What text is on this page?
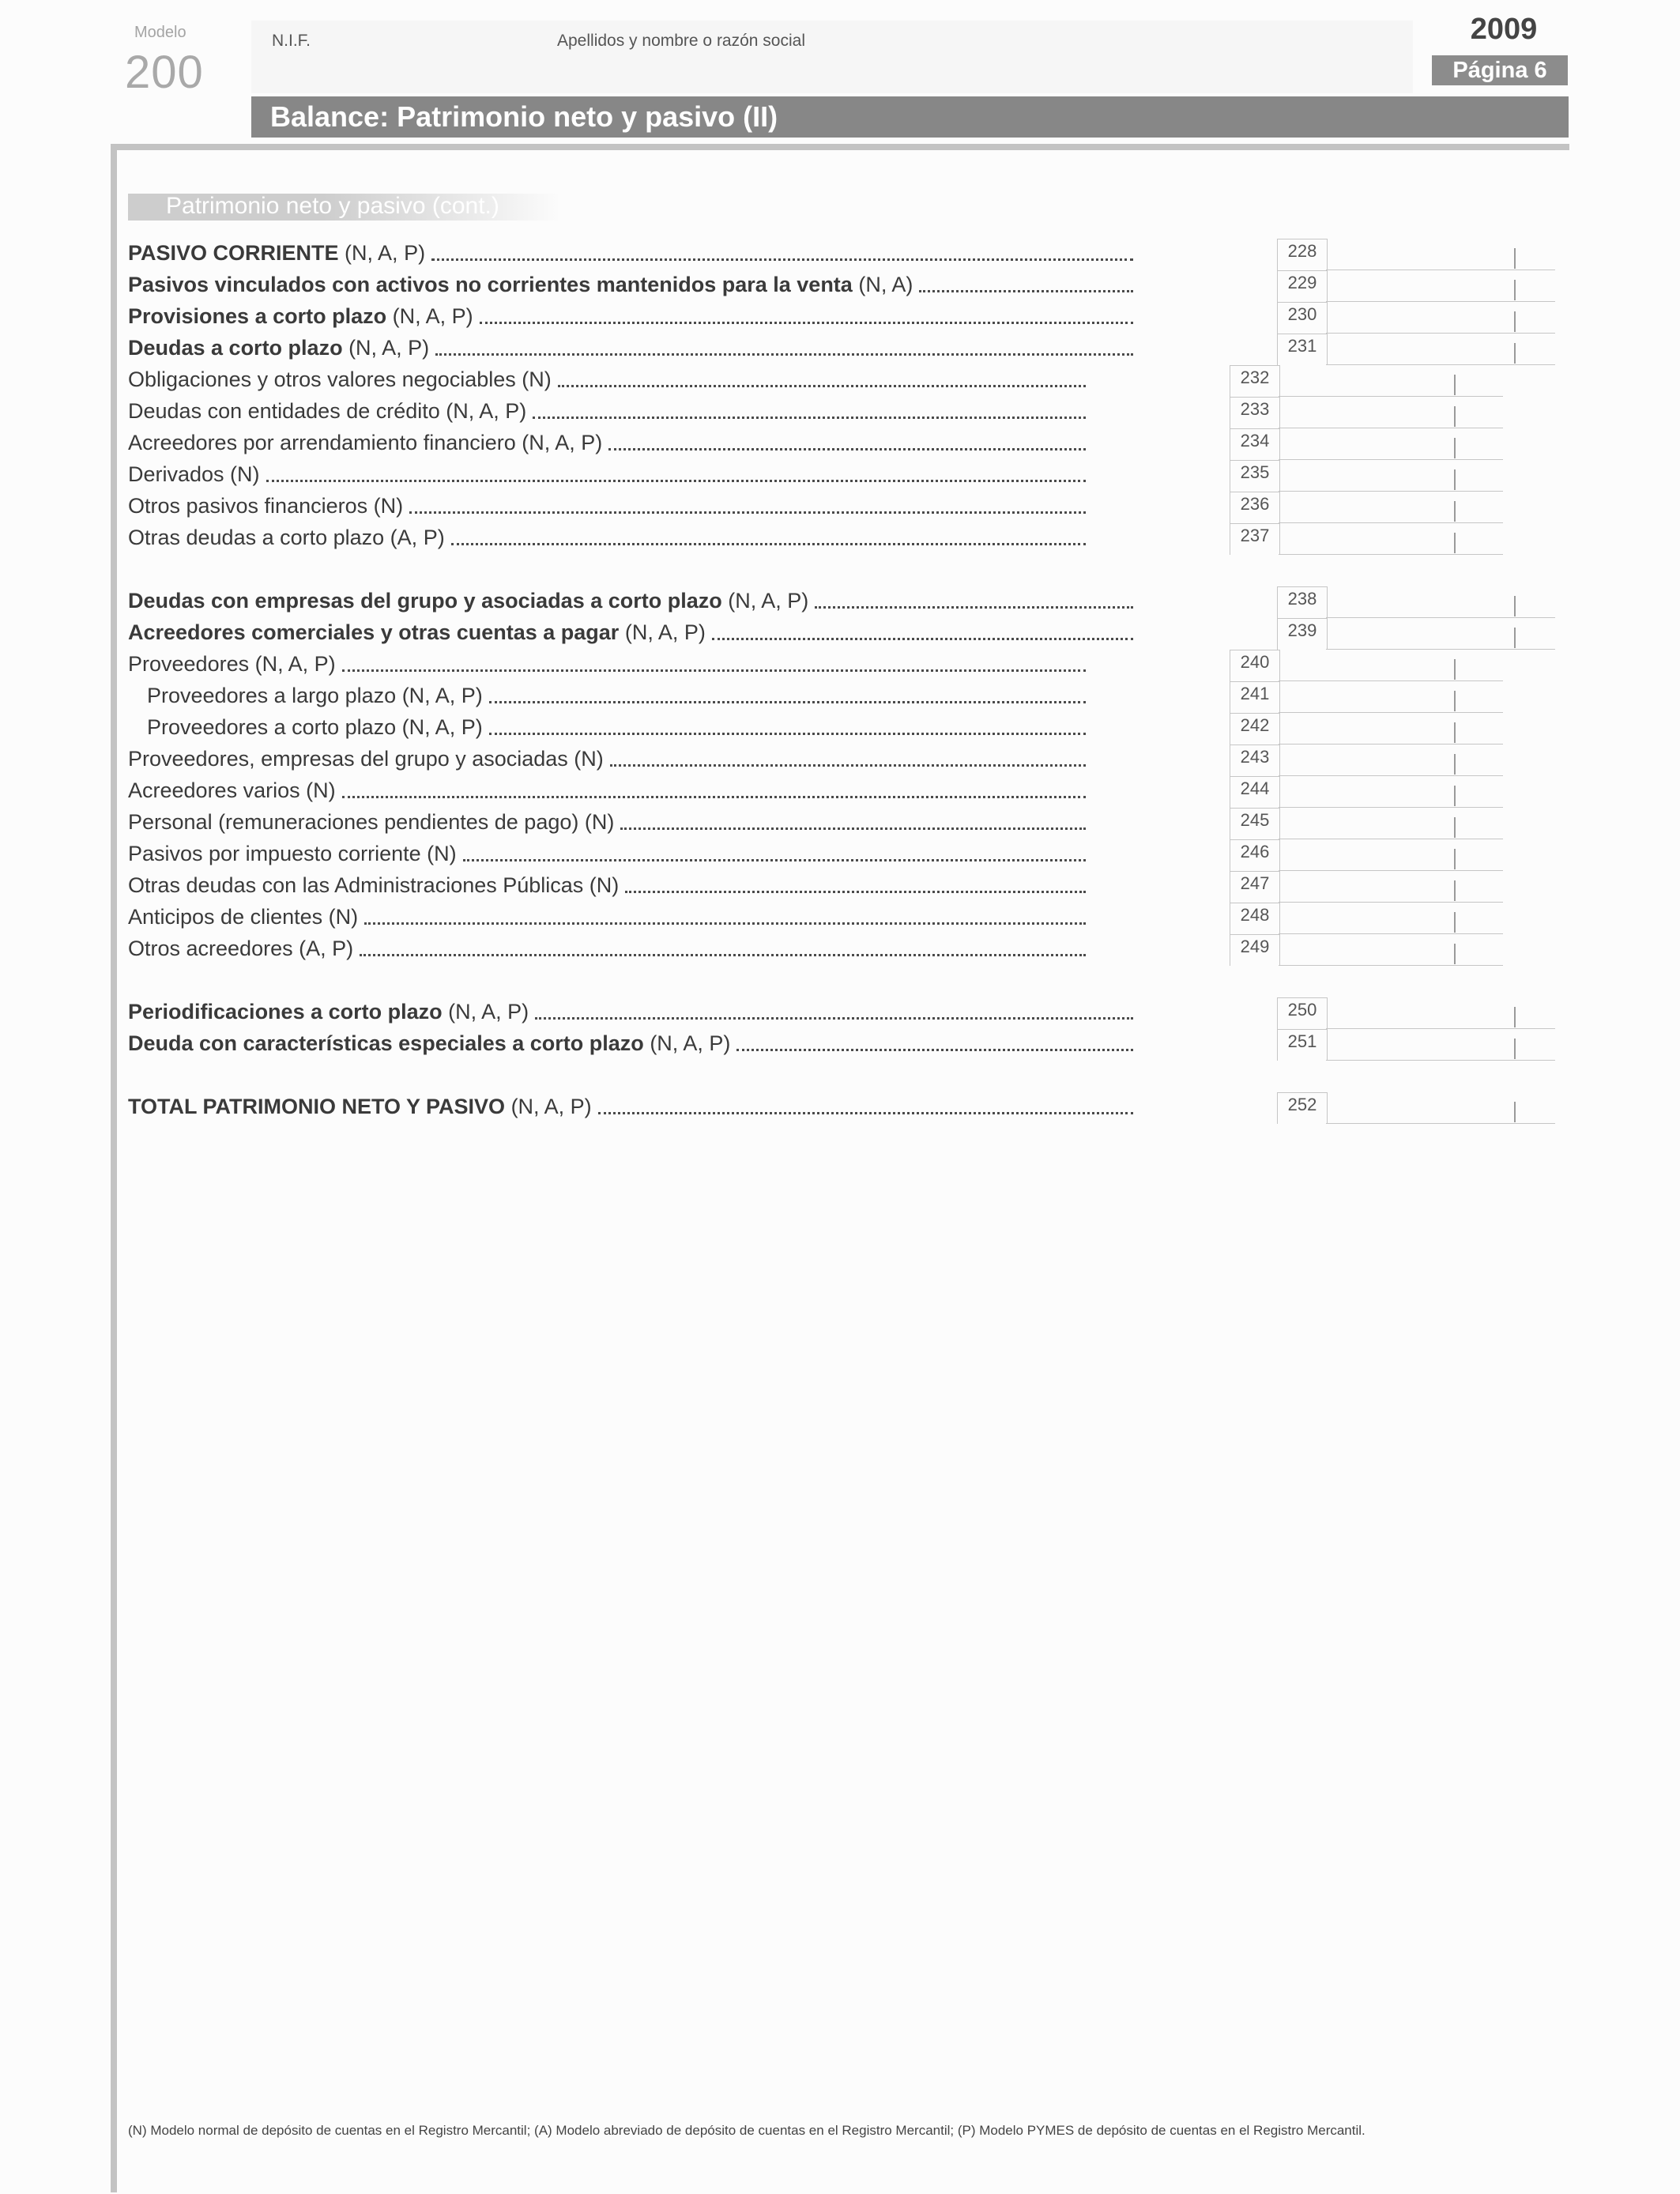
Modelo
200
N.I.F.	Apellidos y nombre o razón social	2009
Página 6
Balance: Patrimonio neto y pasivo (II)
Patrimonio neto y pasivo (cont.)
PASIVO CORRIENTE (N, A, P)	228
Pasivos vinculados con activos no corrientes mantenidos para la venta (N, A)	229
Provisiones a corto plazo (N, A, P)	230
Deudas a corto plazo (N, A, P)	231
Obligaciones y otros valores negociables (N)	232
Deudas con entidades de crédito (N, A, P)	233
Acreedores por arrendamiento financiero (N, A, P)	234
Derivados (N)	235
Otros pasivos financieros (N)	236
Otras deudas a corto plazo (A, P)	237
Deudas con empresas del grupo y asociadas a corto plazo (N, A, P)	238
Acreedores comerciales y otras cuentas a pagar (N, A, P)	239
Proveedores (N, A, P)	240
Proveedores a largo plazo (N, A, P)	241
Proveedores a corto plazo (N, A, P)	242
Proveedores, empresas del grupo y asociadas (N)	243
Acreedores varios (N)	244
Personal (remuneraciones pendientes de pago) (N)	245
Pasivos por impuesto corriente (N)	246
Otras deudas con las Administraciones Públicas (N)	247
Anticipos de clientes (N)	248
Otros acreedores (A, P)	249
Periodificaciones a corto plazo (N, A, P)	250
Deuda con características especiales a corto plazo (N, A, P)	251
TOTAL PATRIMONIO NETO Y PASIVO (N, A, P)	252
(N) Modelo normal de depósito de cuentas en el Registro Mercantil; (A) Modelo abreviado de depósito de cuentas en el Registro Mercantil; (P) Modelo PYMES de depósito de cuentas en el Registro Mercantil.
